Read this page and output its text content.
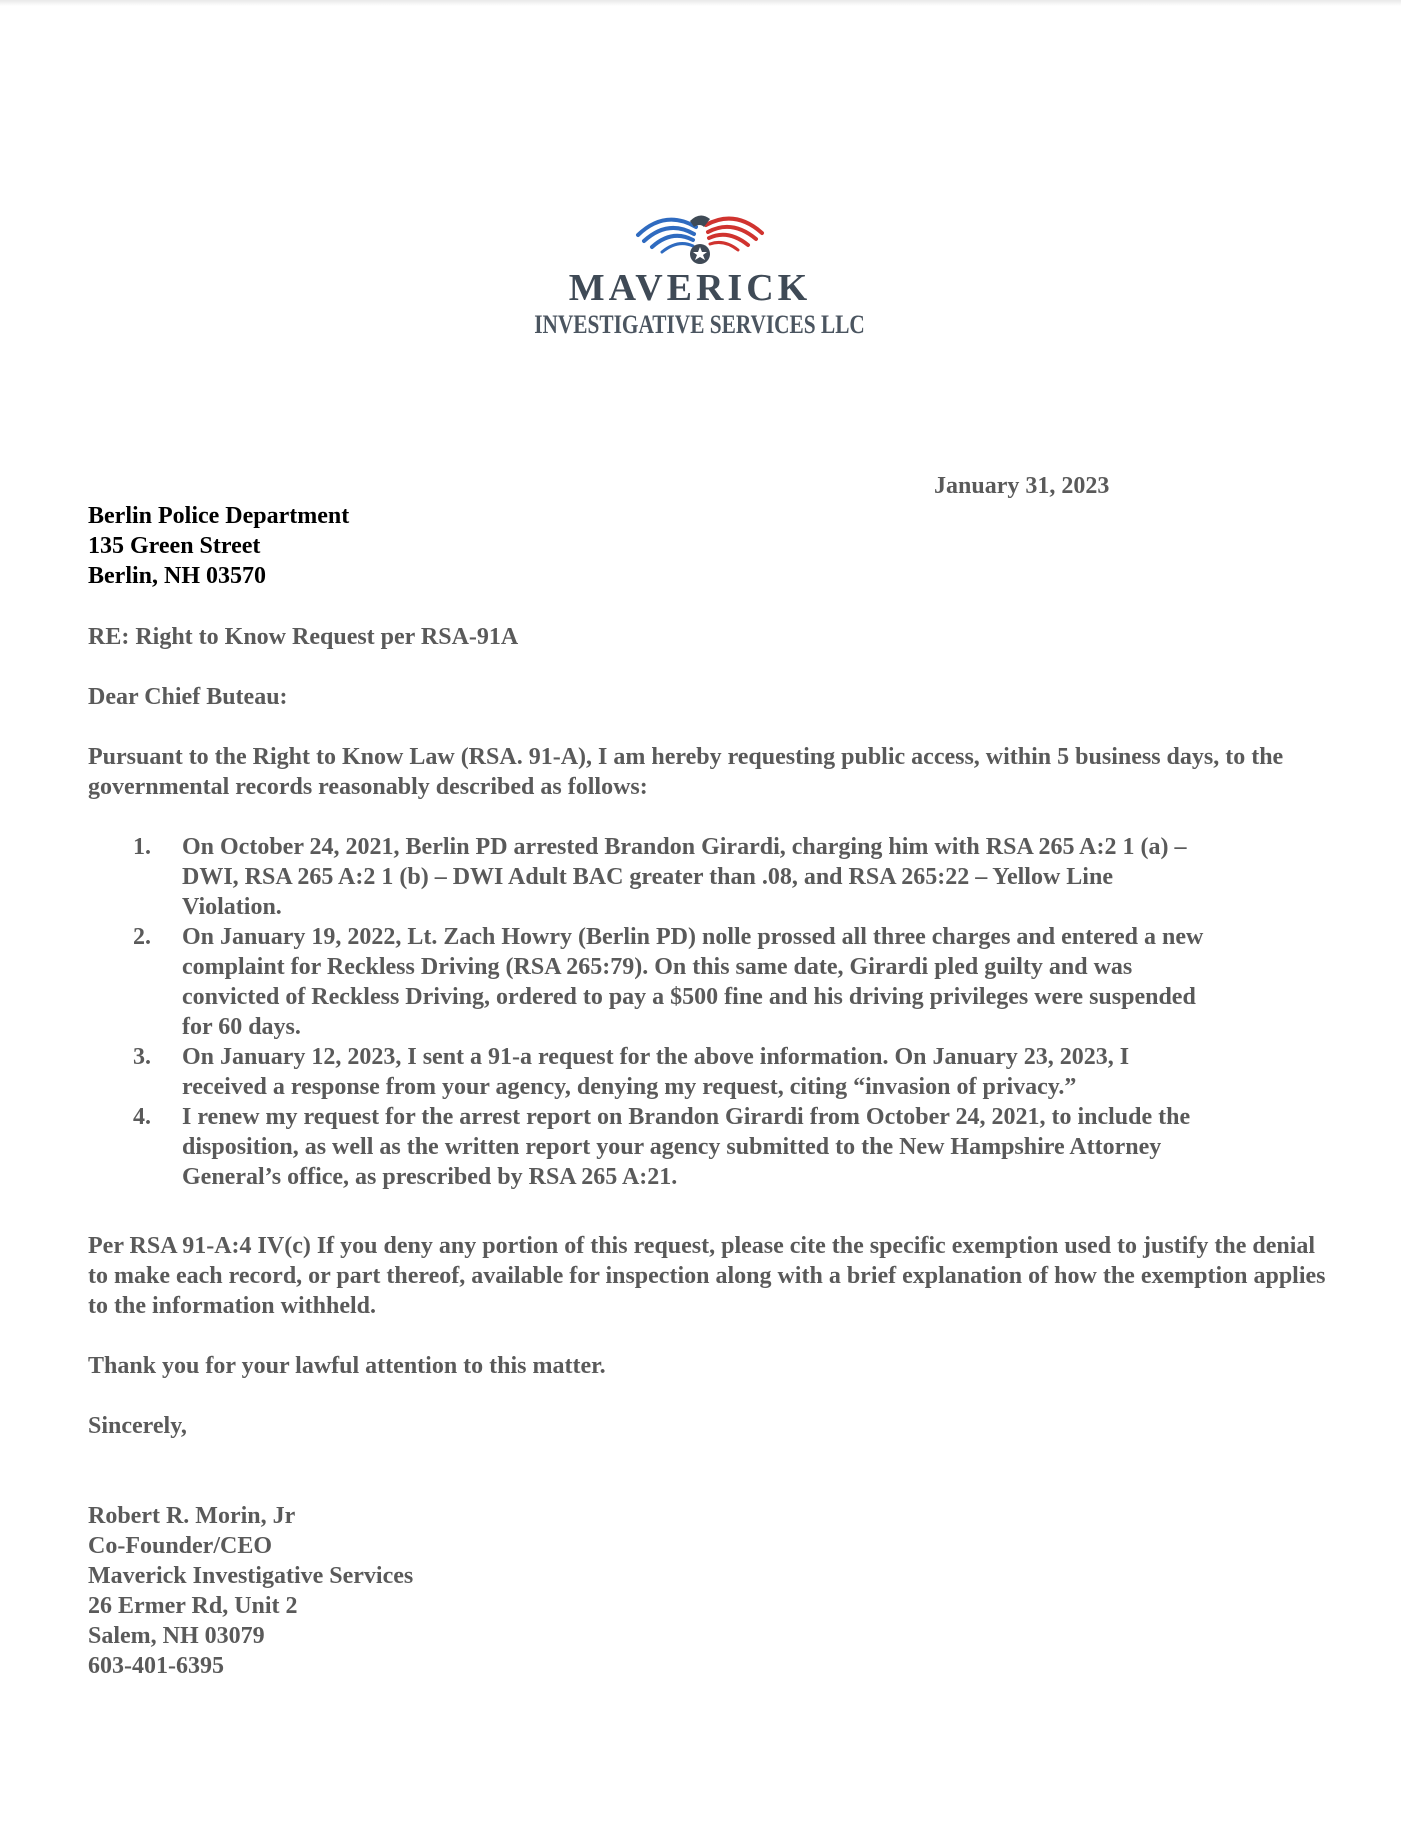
MAVERICK
INVESTIGATIVE SERVICES LLC
January 31, 2023
Berlin Police Department
135 Green Street
Berlin, NH 03570
RE: Right to Know Request per RSA-91A
Dear Chief Buteau:
Pursuant to the Right to Know Law (RSA. 91-A), I am hereby requesting public access, within 5 business days, to the governmental records reasonably described as follows:
1. On October 24, 2021, Berlin PD arrested Brandon Girardi, charging him with RSA 265 A:2 1 (a) –
DWI, RSA 265 A:2 1 (b) – DWI Adult BAC greater than .08, and RSA 265:22 – Yellow Line
Violation.
2. On January 19, 2022, Lt. Zach Howry (Berlin PD) nolle prossed all three charges and entered a new
complaint for Reckless Driving (RSA 265:79). On this same date, Girardi pled guilty and was
convicted of Reckless Driving, ordered to pay a $500 fine and his driving privileges were suspended
for 60 days.
3. On January 12, 2023, I sent a 91-a request for the above information. On January 23, 2023, I
received a response from your agency, denying my request, citing “invasion of privacy.”
4. I renew my request for the arrest report on Brandon Girardi from October 24, 2021, to include the
disposition, as well as the written report your agency submitted to the New Hampshire Attorney
General’s office, as prescribed by RSA 265 A:21.
Per RSA 91-A:4 IV(c) If you deny any portion of this request, please cite the specific exemption used to justify the denial to make each record, or part thereof, available for inspection along with a brief explanation of how the exemption applies to the information withheld.
Thank you for your lawful attention to this matter.
Sincerely,
Robert R. Morin, Jr
Co-Founder/CEO
Maverick Investigative Services
26 Ermer Rd, Unit 2
Salem, NH 03079
603-401-6395
